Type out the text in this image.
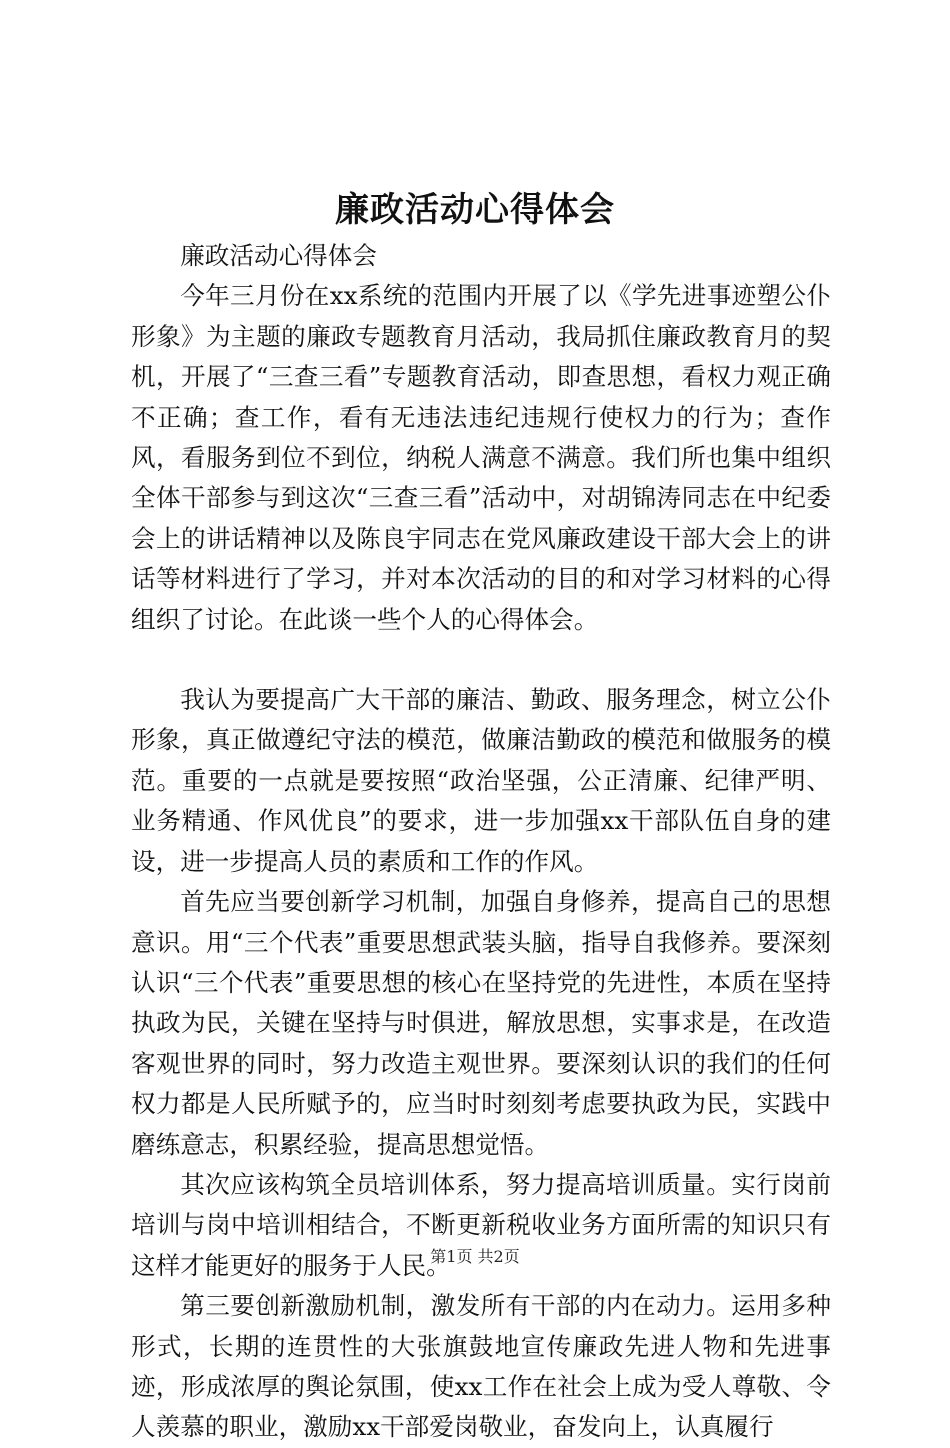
廉政活动心得体会

廉政活动心得体会

今年三月份在xx系统的范围内开展了以《学先进事迹塑公仆形象》为主题的廉政专题教育月活动，我局抓住廉政教育月的契机，开展了“三查三看”专题教育活动，即查思想，看权力观正确不正确；查工作，看有无违法违纪违规行使权力的行为；查作风，看服务到位不到位，纳税人满意不满意。我们所也集中组织全体干部参与到这次“三查三看”活动中，对胡锦涛同志在中纪委会上的讲话精神以及陈良宇同志在党风廉政建设干部大会上的讲话等材料进行了学习，并对本次活动的目的和对学习材料的心得组织了讨论。在此谈一些个人的心得体会。

我认为要提高广大干部的廉洁、勤政、服务理念，树立公仆形象，真正做遵纪守法的模范，做廉洁勤政的模范和做服务的模范。重要的一点就是要按照“政治坚强，公正清廉、纪律严明、业务精通、作风优良”的要求，进一步加强xx干部队伍自身的建设，进一步提高人员的素质和工作的作风。

首先应当要创新学习机制，加强自身修养，提高自己的思想意识。用“三个代表”重要思想武装头脑，指导自我修养。要深刻认识“三个代表”重要思想的核心在坚持党的先进性，本质在坚持执政为民，关键在坚持与时俱进，解放思想，实事求是，在改造客观世界的同时，努力改造主观世界。要深刻认识的我们的任何权力都是人民所赋予的，应当时时刻刻考虑要执政为民，实践中磨练意志，积累经验，提高思想觉悟。

其次应该构筑全员培训体系，努力提高培训质量。实行岗前培训与岗中培训相结合，不断更新税收业务方面所需的知识只有这样才能更好的服务于人民。

第三要创新激励机制，激发所有干部的内在动力。运用多种形式，长期的连贯性的大张旗鼓地宣传廉政先进人物和先进事迹，形成浓厚的舆论氛围，使xx工作在社会上成为受人尊敬、令人羡慕的职业，激励xx干部爱岗敬业，奋发向上，认真履行

第1页 共2页
